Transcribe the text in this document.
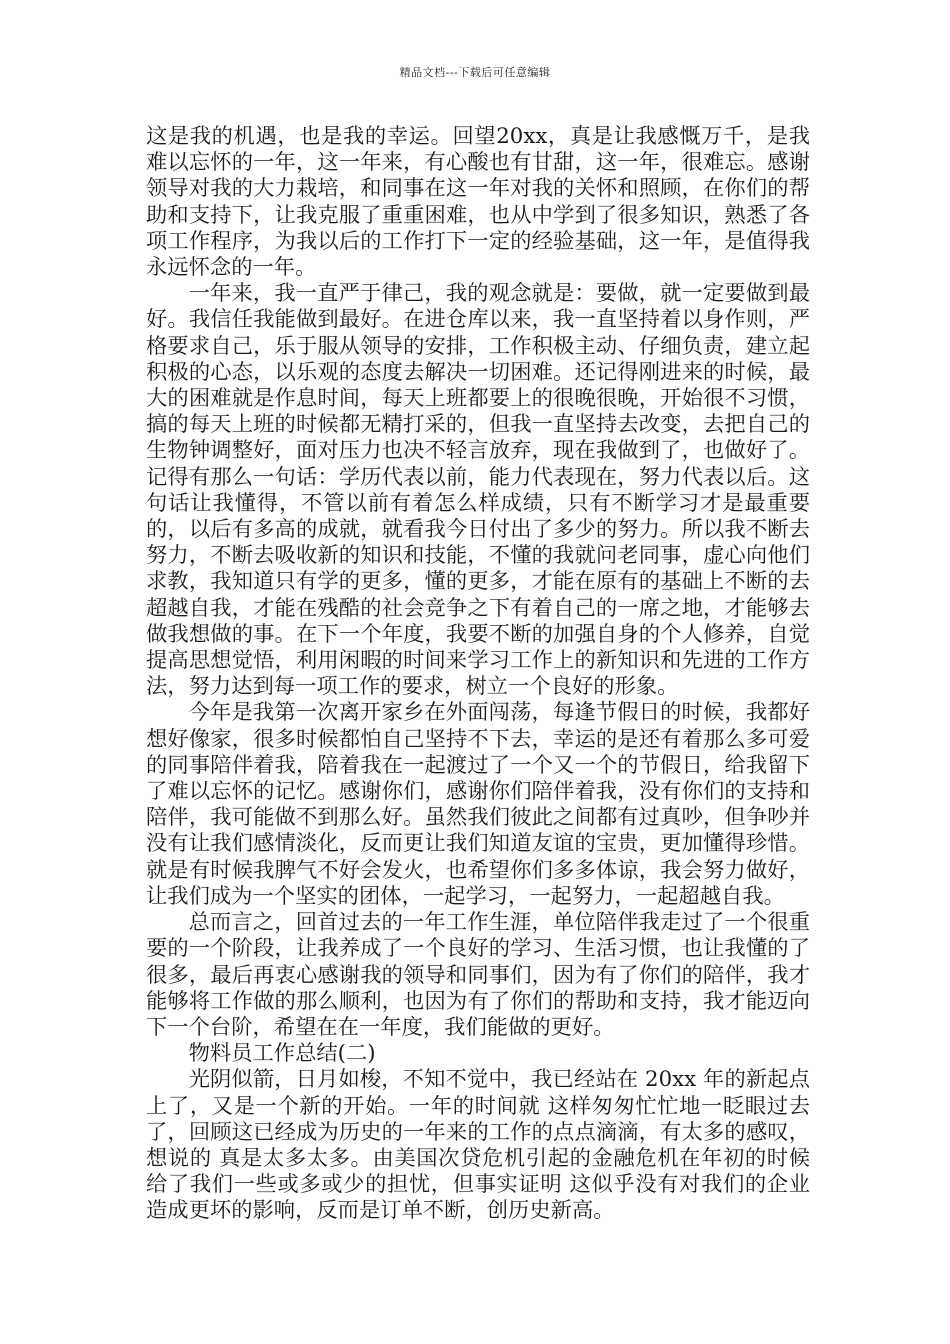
精品文档---下载后可任意编辑

这是我的机遇，也是我的幸运。回望20xx，真是让我感慨万千，是我难以忘怀的一年，这一年来，有心酸也有甘甜，这一年，很难忘。感谢领导对我的大力栽培，和同事在这一年对我的关怀和照顾，在你们的帮助和支持下，让我克服了重重困难，也从中学到了很多知识，熟悉了各项工作程序，为我以后的工作打下一定的经验基础，这一年，是值得我永远怀念的一年。

一年来，我一直严于律己，我的观念就是：要做，就一定要做到最好。我信任我能做到最好。在进仓库以来，我一直坚持着以身作则，严格要求自己，乐于服从领导的安排，工作积极主动、仔细负责，建立起积极的心态，以乐观的态度去解决一切困难。还记得刚进来的时候，最大的困难就是作息时间，每天上班都要上的很晚很晚，开始很不习惯，搞的每天上班的时候都无精打采的，但我一直坚持去改变，去把自己的生物钟调整好，面对压力也决不轻言放弃，现在我做到了，也做好了。记得有那么一句话：学历代表以前，能力代表现在，努力代表以后。这句话让我懂得，不管以前有着怎么样成绩，只有不断学习才是最重要的，以后有多高的成就，就看我今日付出了多少的努力。所以我不断去努力，不断去吸收新的知识和技能，不懂的我就问老同事，虚心向他们求教，我知道只有学的更多，懂的更多，才能在原有的基础上不断的去超越自我，才能在残酷的社会竞争之下有着自己的一席之地，才能够去做我想做的事。在下一个年度，我要不断的加强自身的个人修养，自觉提高思想觉悟，利用闲暇的时间来学习工作上的新知识和先进的工作方法，努力达到每一项工作的要求，树立一个良好的形象。

今年是我第一次离开家乡在外面闯荡，每逢节假日的时候，我都好想好像家，很多时候都怕自己坚持不下去，幸运的是还有着那么多可爱的同事陪伴着我，陪着我在一起渡过了一个又一个的节假日，给我留下了难以忘怀的记忆。感谢你们，感谢你们陪伴着我，没有你们的支持和陪伴，我可能做不到那么好。虽然我们彼此之间都有过真吵，但争吵并没有让我们感情淡化，反而更让我们知道友谊的宝贵，更加懂得珍惜。就是有时候我脾气不好会发火，也希望你们多多体谅，我会努力做好，让我们成为一个坚实的团体，一起学习，一起努力，一起超越自我。

总而言之，回首过去的一年工作生涯，单位陪伴我走过了一个很重要的一个阶段，让我养成了一个良好的学习、生活习惯，也让我懂的了很多，最后再衷心感谢我的领导和同事们，因为有了你们的陪伴，我才能够将工作做的那么顺利，也因为有了你们的帮助和支持，我才能迈向下一个台阶，希望在在一年度，我们能做的更好。

物料员工作总结(二)

光阴似箭，日月如梭，不知不觉中，我已经站在 20xx 年的新起点上了，又是一个新的开始。一年的时间就 这样匆匆忙忙地一眨眼过去了，回顾这已经成为历史的一年来的工作的点点滴滴，有太多的感叹，想说的 真是太多太多。由美国次贷危机引起的金融危机在年初的时候给了我们一些或多或少的担忧，但事实证明 这似乎没有对我们的企业造成更坏的影响，反而是订单不断，创历史新高。
